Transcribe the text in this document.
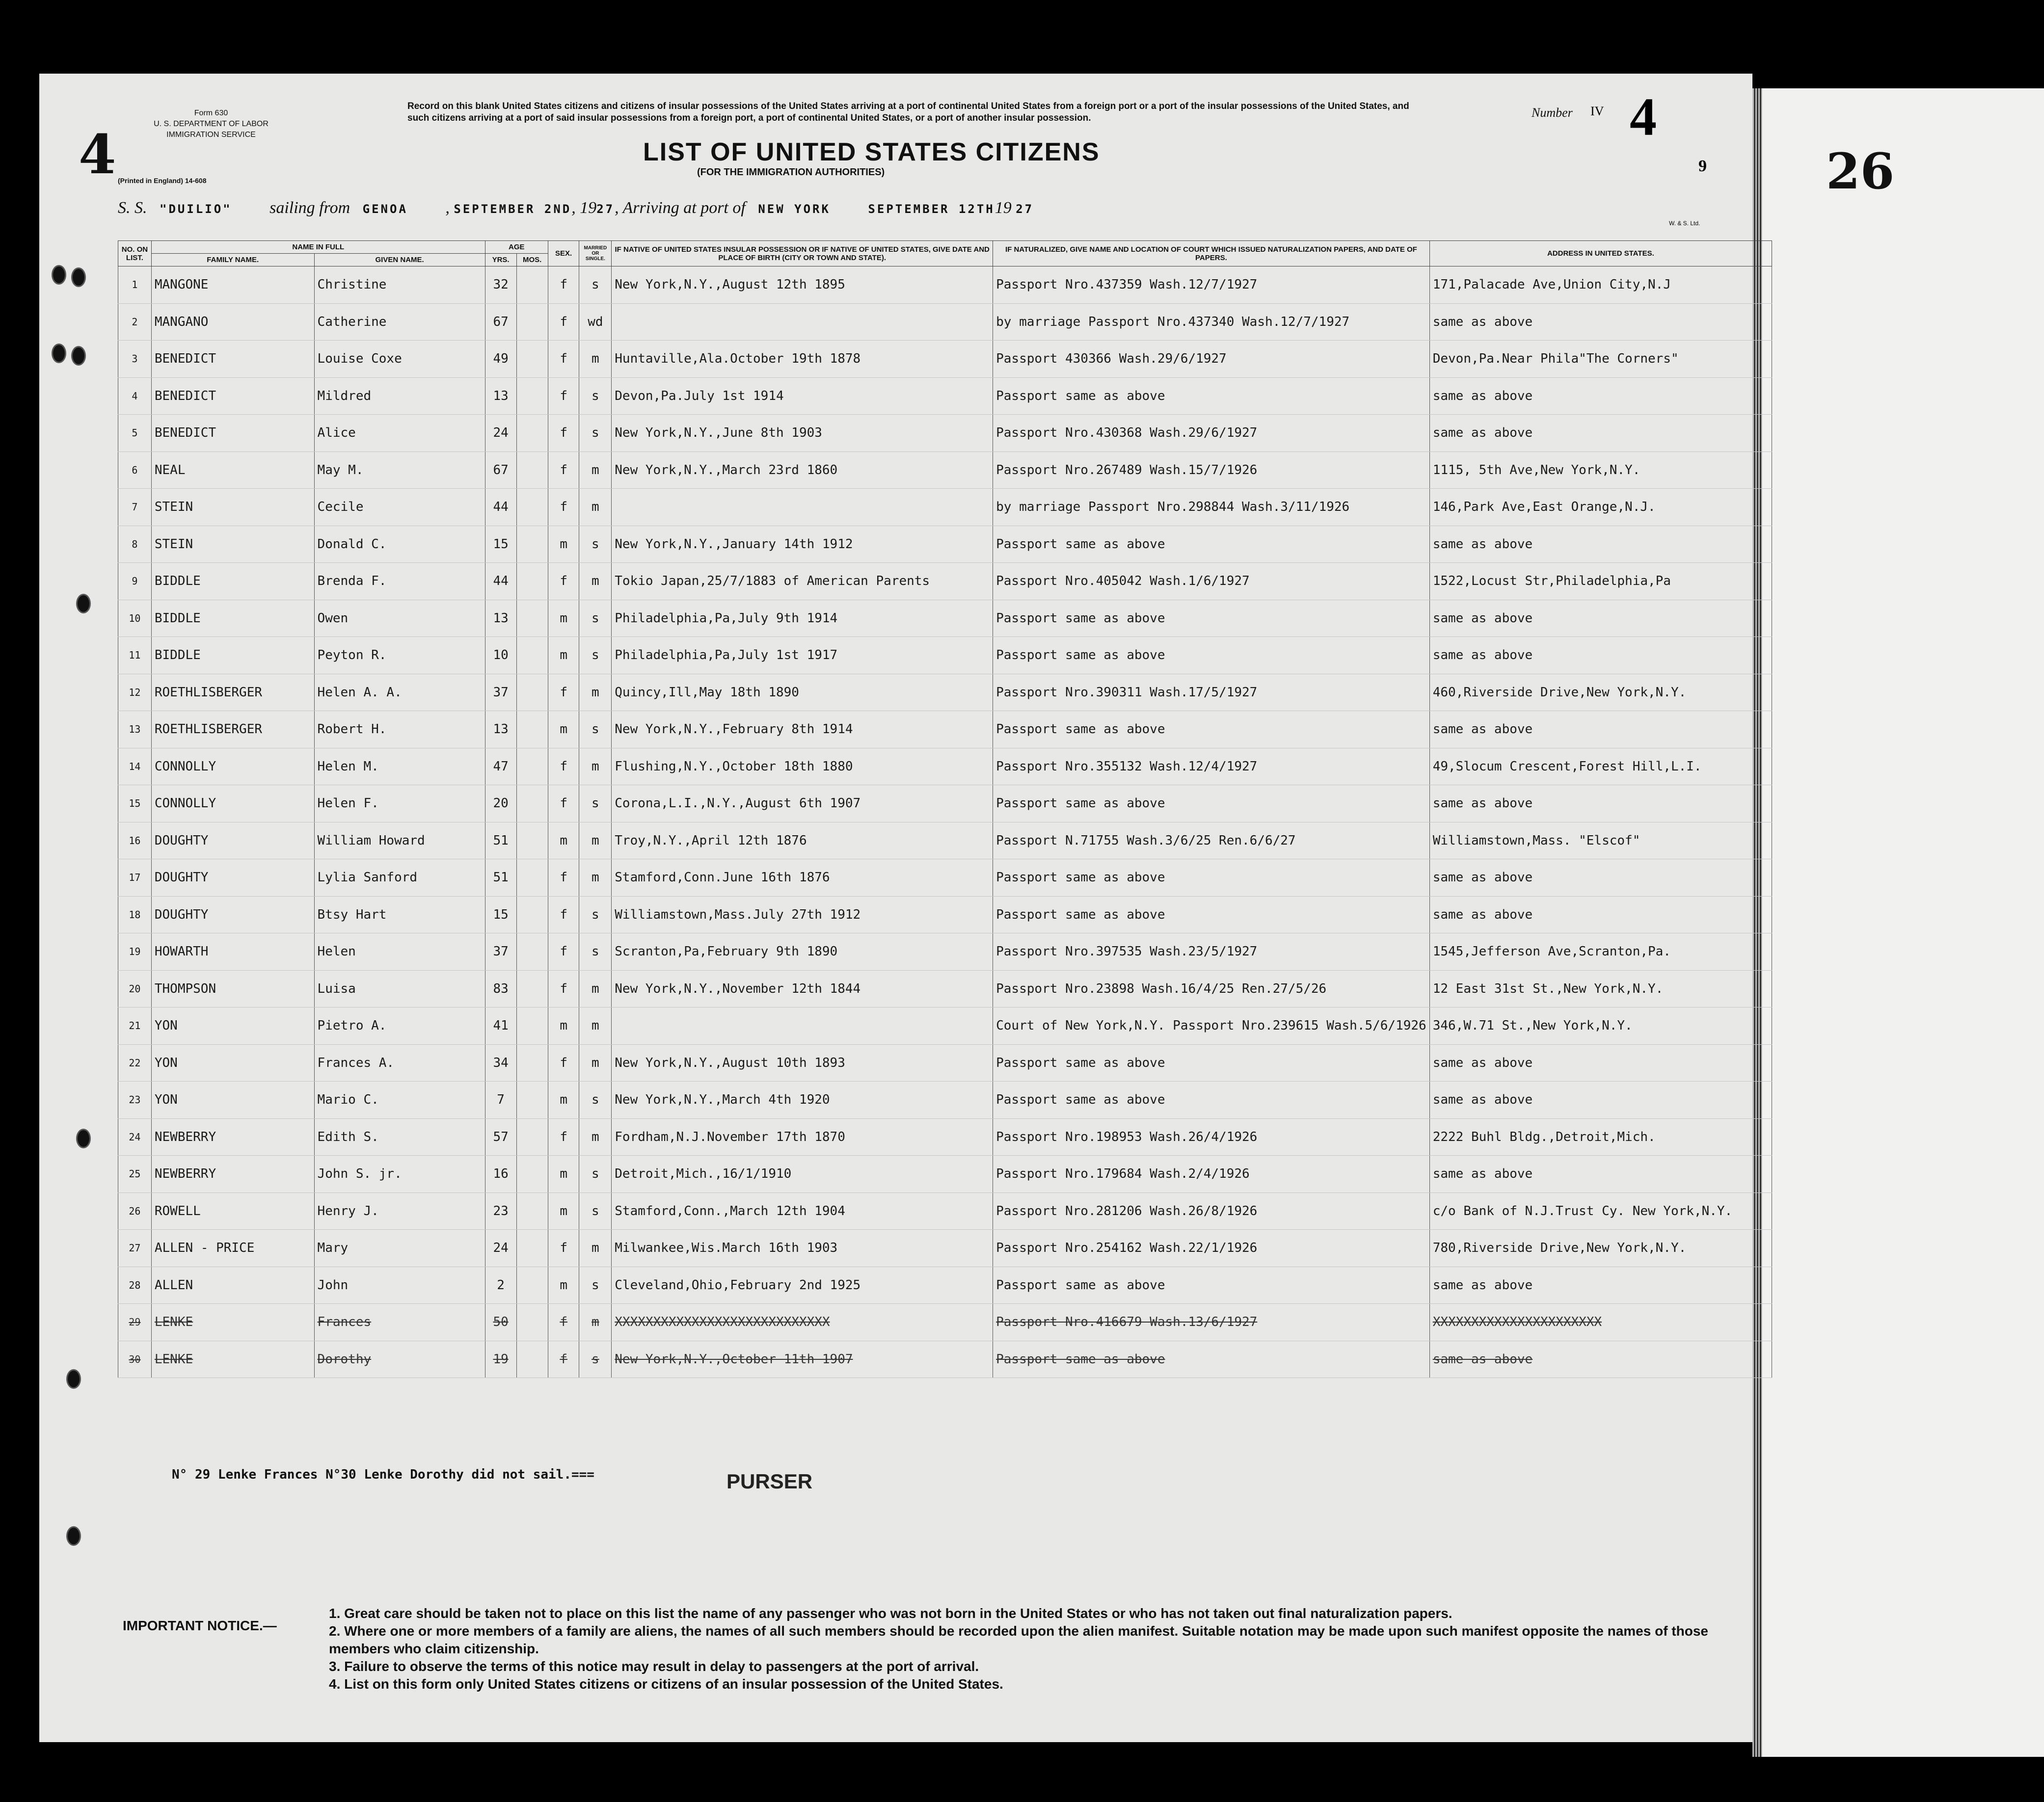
26
4
Form 630
U. S. DEPARTMENT OF LABOR
IMMIGRATION SERVICE
(Printed in England) 14-608
Record on this blank United States citizens and citizens of insular possessions of the United States arriving at a port of continental United States from a foreign port or a port of the insular possessions of the United States, and such citizens arriving at a port of said insular possessions from a foreign port, a port of continental United States, or a port of another insular possession.
LIST OF UNITED STATES CITIZENS
(FOR THE IMMIGRATION AUTHORITIES)
Number IV 4
9
S. S. "DUILIO" sailing from GENOA         , SEPTEMBER 2ND, 1927, Arriving at port of NEW YORK	SEPTEMBER 12TH19 27
W. & S. Ltd.
NO. ON LIST.	NAME IN FULL		AGE		SEX.	MARRIED OR SINGLE.	IF NATIVE OF UNITED STATES INSULAR POSSESSION OR IF NATIVE OF UNITED STATES, GIVE DATE AND PLACE OF BIRTH (CITY OR TOWN AND STATE).	IF NATURALIZED, GIVE NAME AND LOCATION OF COURT WHICH ISSUED NATURALIZATION PAPERS, AND DATE OF PAPERS.	ADDRESS IN UNITED STATES.
	FAMILY NAME.	GIVEN NAME.	YRS.	MOS.					
1	MANGONE	Christine	32		f	s	New York,N.Y.,August 12th 1895	Passport Nro.437359 Wash.12/7/1927	171,Palacade Ave,Union City,N.J
2	MANGANO	Catherine	67		f	wd		by marriage Passport Nro.437340 Wash.12/7/1927	same as above
3	BENEDICT	Louise Coxe	49		f	m	Huntaville,Ala.October 19th 1878	Passport 430366 Wash.29/6/1927	Devon,Pa.Near Phila"The Corners"
4	BENEDICT	Mildred	13		f	s	Devon,Pa.July 1st 1914	Passport same as above	same as above
5	BENEDICT	Alice	24		f	s	New York,N.Y.,June 8th 1903	Passport Nro.430368 Wash.29/6/1927	same as above
6	NEAL	May M.	67		f	m	New York,N.Y.,March 23rd 1860	Passport Nro.267489 Wash.15/7/1926	1115, 5th Ave,New York,N.Y.
7	STEIN	Cecile	44		f	m		by marriage Passport Nro.298844 Wash.3/11/1926	146,Park Ave,East Orange,N.J.
8	STEIN	Donald C.	15		m	s	New York,N.Y.,January 14th 1912	Passport same as above	same as above
9	BIDDLE	Brenda F.	44		f	m	Tokio Japan,25/7/1883 of American Parents	Passport Nro.405042 Wash.1/6/1927	1522,Locust Str,Philadelphia,Pa
10	BIDDLE	Owen	13		m	s	Philadelphia,Pa,July 9th 1914	Passport same as above	same as above
11	BIDDLE	Peyton R.	10		m	s	Philadelphia,Pa,July 1st 1917	Passport same as above	same as above
12	ROETHLISBERGER	Helen A. A.	37		f	m	Quincy,Ill,May 18th 1890	Passport Nro.390311 Wash.17/5/1927	460,Riverside Drive,New York,N.Y.
13	ROETHLISBERGER	Robert H.	13		m	s	New York,N.Y.,February 8th 1914	Passport same as above	same as above
14	CONNOLLY	Helen M.	47		f	m	Flushing,N.Y.,October 18th 1880	Passport Nro.355132 Wash.12/4/1927	49,Slocum Crescent,Forest Hill,L.I.
15	CONNOLLY	Helen F.	20		f	s	Corona,L.I.,N.Y.,August 6th 1907	Passport same as above	same as above
16	DOUGHTY	William Howard	51		m	m	Troy,N.Y.,April 12th 1876	Passport N.71755 Wash.3/6/25 Ren.6/6/27	Williamstown,Mass. "Elscof"
17	DOUGHTY	Lylia Sanford	51		f	m	Stamford,Conn.June 16th 1876	Passport same as above	same as above
18	DOUGHTY	Btsy Hart	15		f	s	Williamstown,Mass.July 27th 1912	Passport same as above	same as above
19	HOWARTH	Helen	37		f	s	Scranton,Pa,February 9th 1890	Passport Nro.397535 Wash.23/5/1927	1545,Jefferson Ave,Scranton,Pa.
20	THOMPSON	Luisa	83		f	m	New York,N.Y.,November 12th 1844	Passport Nro.23898 Wash.16/4/25 Ren.27/5/26	12 East 31st St.,New York,N.Y.
21	YON	Pietro A.	41		m	m		Court of New York,N.Y. Passport Nro.239615 Wash.5/6/1926	346,W.71 St.,New York,N.Y.
22	YON	Frances A.	34		f	m	New York,N.Y.,August 10th 1893	Passport same as above	same as above
23	YON	Mario C.	7		m	s	New York,N.Y.,March 4th 1920	Passport same as above	same as above
24	NEWBERRY	Edith S.	57		f	m	Fordham,N.J.November 17th 1870	Passport Nro.198953 Wash.26/4/1926	2222 Buhl Bldg.,Detroit,Mich.
25	NEWBERRY	John S. jr.	16		m	s	Detroit,Mich.,16/1/1910	Passport Nro.179684 Wash.2/4/1926	same as above
26	ROWELL	Henry J.	23		m	s	Stamford,Conn.,March 12th 1904	Passport Nro.281206 Wash.26/8/1926	c/o Bank of N.J.Trust Cy. New York,N.Y.
27	ALLEN - PRICE	Mary	24		f	m	Milwankee,Wis.March 16th 1903	Passport Nro.254162 Wash.22/1/1926	780,Riverside Drive,New York,N.Y.
28	ALLEN	John	2		m	s	Cleveland,Ohio,February 2nd 1925	Passport same as above	same as above
29	LENKE	Frances	50		f	m	XXXXXXXXXXXXXXXXXXXXXXXXXXXX	Passport Nro.416679 Wash.13/6/1927	XXXXXXXXXXXXXXXXXXXXXX
30	LENKE	Dorothy	19		f	s	New York,N.Y.,October 11th 1907	Passport same as above	same as above
N° 29 Lenke Frances N°30 Lenke Dorothy did not sail.===	PURSER
IMPORTANT NOTICE.—
1. Great care should be taken not to place on this list the name of any passenger who was not born in the United States or who has not taken out final naturalization papers.
2. Where one or more members of a family are aliens, the names of all such members should be recorded upon the alien manifest. Suitable notation may be made upon such manifest opposite the names of those members who claim citizenship.
3. Failure to observe the terms of this notice may result in delay to passengers at the port of arrival.
4. List on this form only United States citizens or citizens of an insular possession of the United States.
